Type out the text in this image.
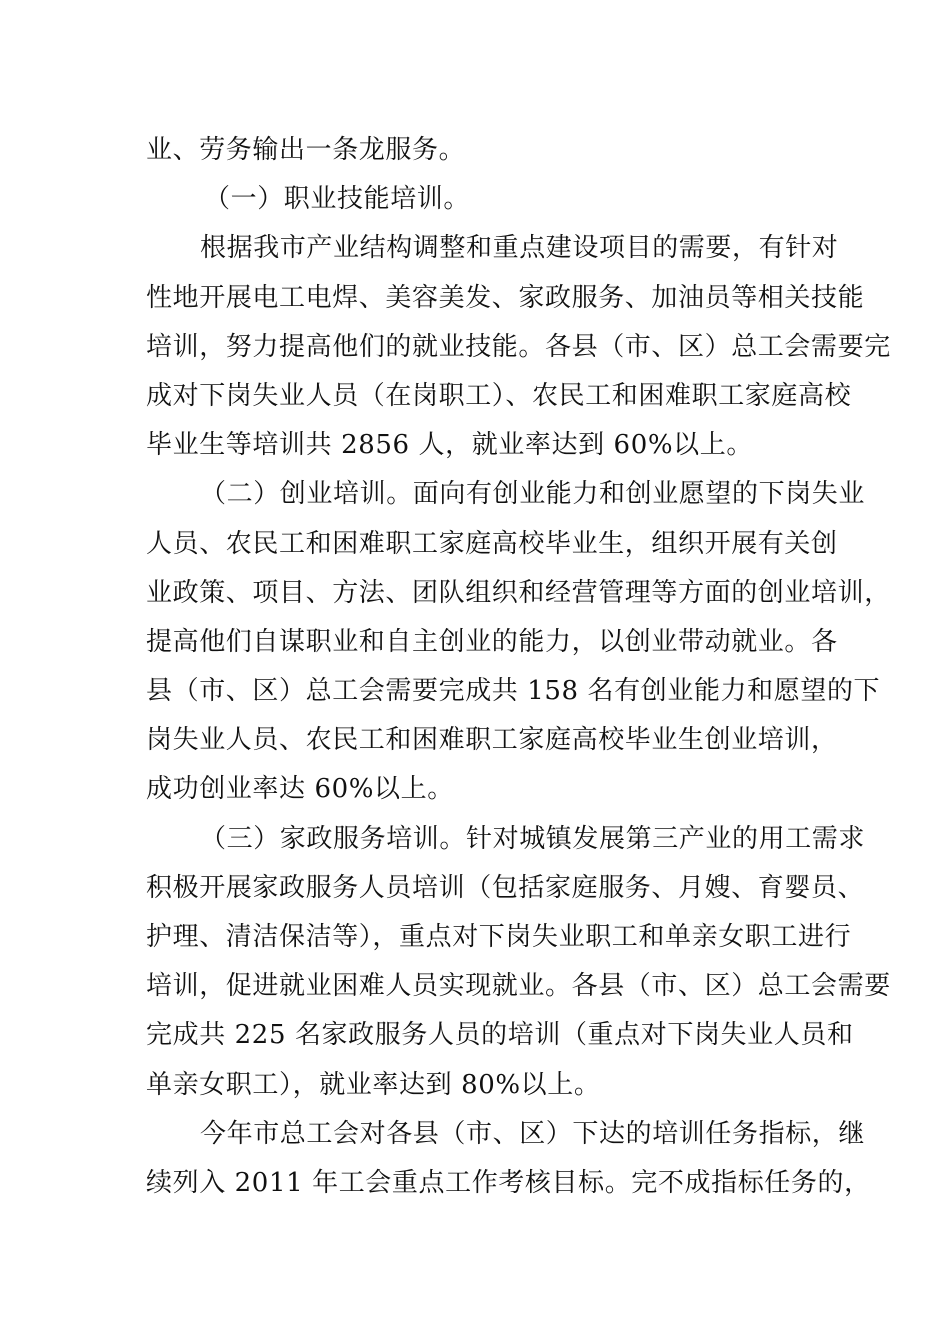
业、劳务输出一条龙服务。
（一）职业技能培训。
根据我市产业结构调整和重点建设项目的需要，有针对
性地开展电工电焊、美容美发、家政服务、加油员等相关技能
培训，努力提高他们的就业技能。各县（市、区）总工会需要完
成对下岗失业人员（在岗职工）、农民工和困难职工家庭高校
毕业生等培训共 2856 人，就业率达到 60%以上。
（二）创业培训。面向有创业能力和创业愿望的下岗失业
人员、农民工和困难职工家庭高校毕业生，组织开展有关创
业政策、项目、方法、团队组织和经营管理等方面的创业培训，
提高他们自谋职业和自主创业的能力，以创业带动就业。各
县（市、区）总工会需要完成共 158 名有创业能力和愿望的下
岗失业人员、农民工和困难职工家庭高校毕业生创业培训，
成功创业率达 60%以上。
（三）家政服务培训。针对城镇发展第三产业的用工需求
积极开展家政服务人员培训（包括家庭服务、月嫂、育婴员、
护理、清洁保洁等），重点对下岗失业职工和单亲女职工进行
培训，促进就业困难人员实现就业。各县（市、区）总工会需要
完成共 225 名家政服务人员的培训（重点对下岗失业人员和
单亲女职工），就业率达到 80%以上。
今年市总工会对各县（市、区）下达的培训任务指标，继
续列入 2011 年工会重点工作考核目标。完不成指标任务的，
